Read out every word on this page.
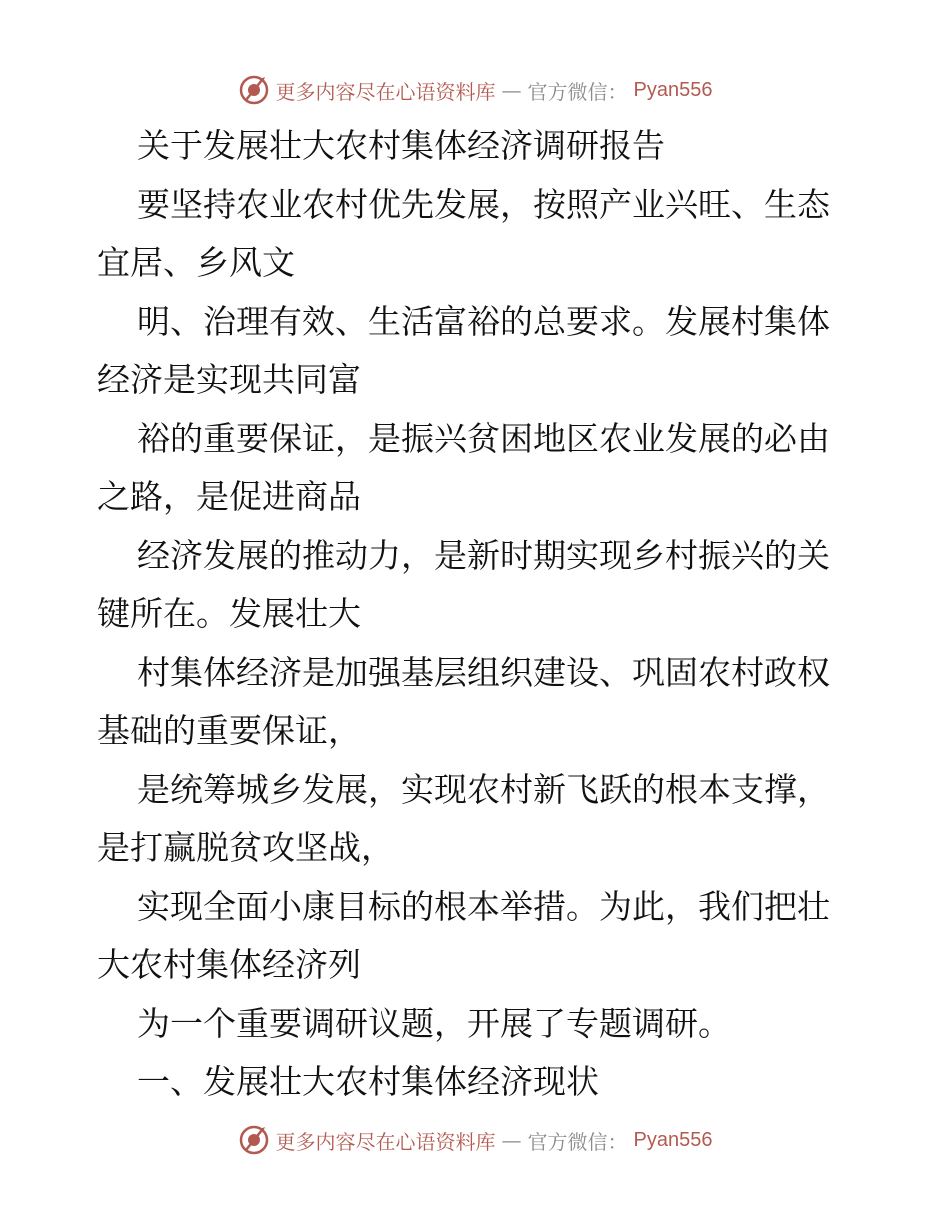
更多内容尽在心语资料库 — 官方微信： Pyan556
关于发展壮大农村集体经济调研报告
要坚持农业农村优先发展，按照产业兴旺、生态
宜居、乡风文
明、治理有效、生活富裕的总要求。发展村集体
经济是实现共同富
裕的重要保证，是振兴贫困地区农业发展的必由
之路，是促进商品
经济发展的推动力，是新时期实现乡村振兴的关
键所在。发展壮大
村集体经济是加强基层组织建设、巩固农村政权
基础的重要保证，
是统筹城乡发展，实现农村新飞跃的根本支撑，
是打赢脱贫攻坚战，
实现全面小康目标的根本举措。为此，我们把壮
大农村集体经济列
为一个重要调研议题，开展了专题调研。
一、发展壮大农村集体经济现状
更多内容尽在心语资料库 — 官方微信： Pyan556
